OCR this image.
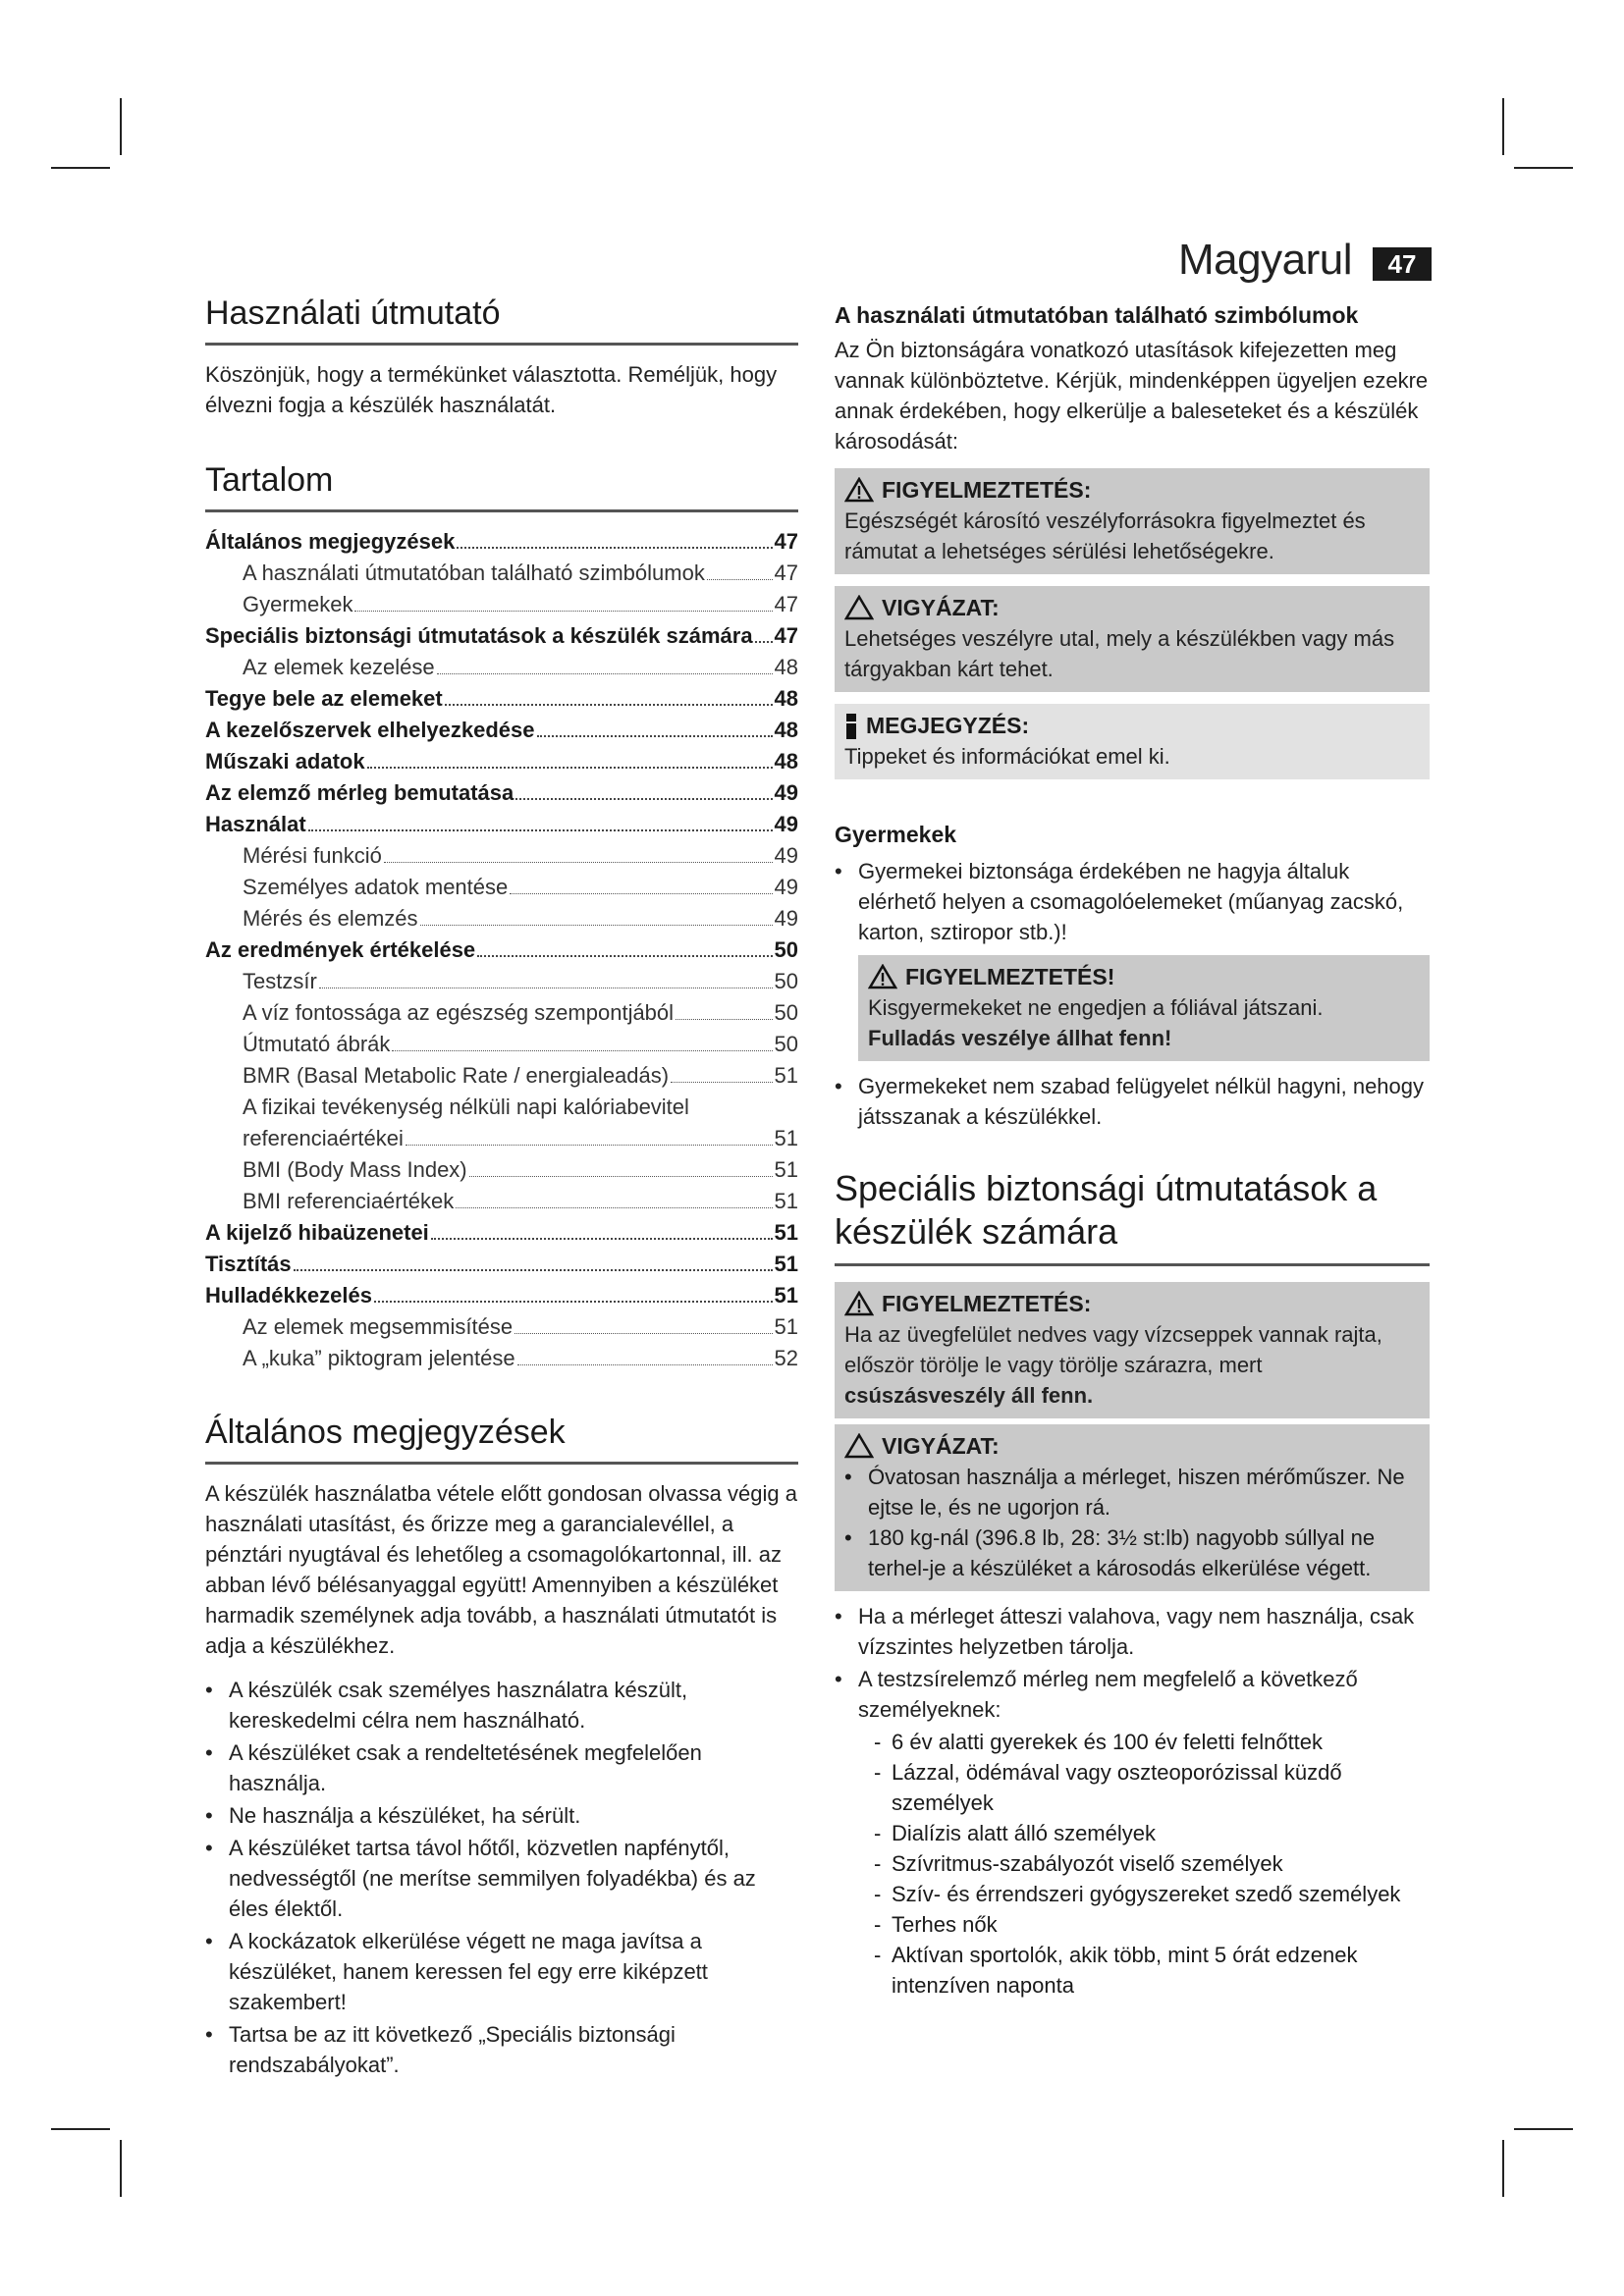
Magyarul	47
Használati útmutató

Köszönjük, hogy a termékünket választotta. Reméljük, hogy élvezni fogja a készülék használatát.

Tartalom
Általános megjegyzések	47
A használati útmutatóban található szimbólumok	47
Gyermekek	47
Speciális biztonsági útmutatások a készülék számára 47
Az elemek kezelése	48
Tegye bele az elemeket	48
A kezelőszervek elhelyezkedése	48
Műszaki adatok	48
Az elemző mérleg bemutatása	49
Használat	49
Mérési funkció	49
Személyes adatok mentése	49
Mérés és elemzés	49
Az eredmények értékelése	50
Testzsír	50
A víz fontossága az egészség szempontjából	50
Útmutató ábrák	50
BMR (Basal Metabolic Rate / energialeadás)	51
A fizikai tevékenység nélküli napi kalóriabevitel
referenciaértékei	51
BMI (Body Mass Index)	51
BMI referenciaértékek	51
A kijelző hibaüzenetei	51
Tisztítás	51
Hulladékkezelés	51
Az elemek megsemmisítése	51
A „kuka” piktogram jelentése	52
Általános megjegyzések

A készülék használatba vétele előtt gondosan olvassa végig a használati utasítást, és őrizze meg a garancialevéllel, a pénztári nyugtával és lehetőleg a csomagolókartonnal, ill. az abban lévő bélésanyaggal együtt! Amennyiben a készüléket harmadik személynek adja tovább, a használati útmutatót is adja a készülékhez.

• A készülék csak személyes használatra készült, kereskedelmi célra nem használható.
• A készüléket csak a rendeltetésének megfelelően használja.
• Ne használja a készüléket, ha sérült.
• A készüléket tartsa távol hőtől, közvetlen napfénytől, nedvességtől (ne merítse semmilyen folyadékba) és az éles élektől.
• A kockázatok elkerülése végett ne maga javítsa a készüléket, hanem keressen fel egy erre kiképzett szakembert!
• Tartsa be az itt következő „Speciális biztonsági rendszabályokat”.
A használati útmutatóban található szimbólumok

Az Ön biztonságára vonatkozó utasítások kifejezetten meg vannak különböztetve. Kérjük, mindenképpen ügyeljen ezekre annak érdekében, hogy elkerülje a baleseteket és a készülék károsodását:

FIGYELMEZTETÉS:
Egészségét károsító veszélyforrásokra figyelmeztet és rámutat a lehetséges sérülési lehetőségekre.
VIGYÁZAT:
Lehetséges veszélyre utal, mely a készülékben vagy más tárgyakban kárt tehet.
MEGJEGYZÉS:
Tippeket és információkat emel ki.
Gyermekek
• Gyermekei biztonsága érdekében ne hagyja általuk elérhető helyen a csomagolóelemeket (műanyag zacskó, karton, sztiropor stb.)!
FIGYELMEZTETÉS!
Kisgyermekeket ne engedjen a fóliával játszani.
Fulladás veszélye állhat fenn!
• Gyermekeket nem szabad felügyelet nélkül hagyni, nehogy játsszanak a készülékkel.
Speciális biztonsági útmutatások a készülék számára
FIGYELMEZTETÉS:
Ha az üvegfelület nedves vagy vízcseppek vannak rajta, először törölje le vagy törölje szárazra, mert csúszásveszély áll fenn.
VIGYÁZAT:
• Óvatosan használja a mérleget, hiszen mérőműszer. Ne ejtse le, és ne ugorjon rá.
• 180 kg-nál (396.8 lb, 28: 3½ st:lb) nagyobb súllyal ne terhel-je a készüléket a károsodás elkerülése végett.
• Ha a mérleget átteszi valahova, vagy nem használja, csak vízszintes helyzetben tárolja.
• A testzsírelemző mérleg nem megfelelő a következő személyeknek:
- 6 év alatti gyerekek és 100 év feletti felnőttek
- Lázzal, ödémával vagy oszteoporózissal küzdő személyek
- Dialízis alatt álló személyek
- Szívritmus-szabályozót viselő személyek
- Szív- és érrendszeri gyógyszereket szedő személyek
- Terhes nők
- Aktívan sportolók, akik több, mint 5 órát edzenek intenzíven naponta
